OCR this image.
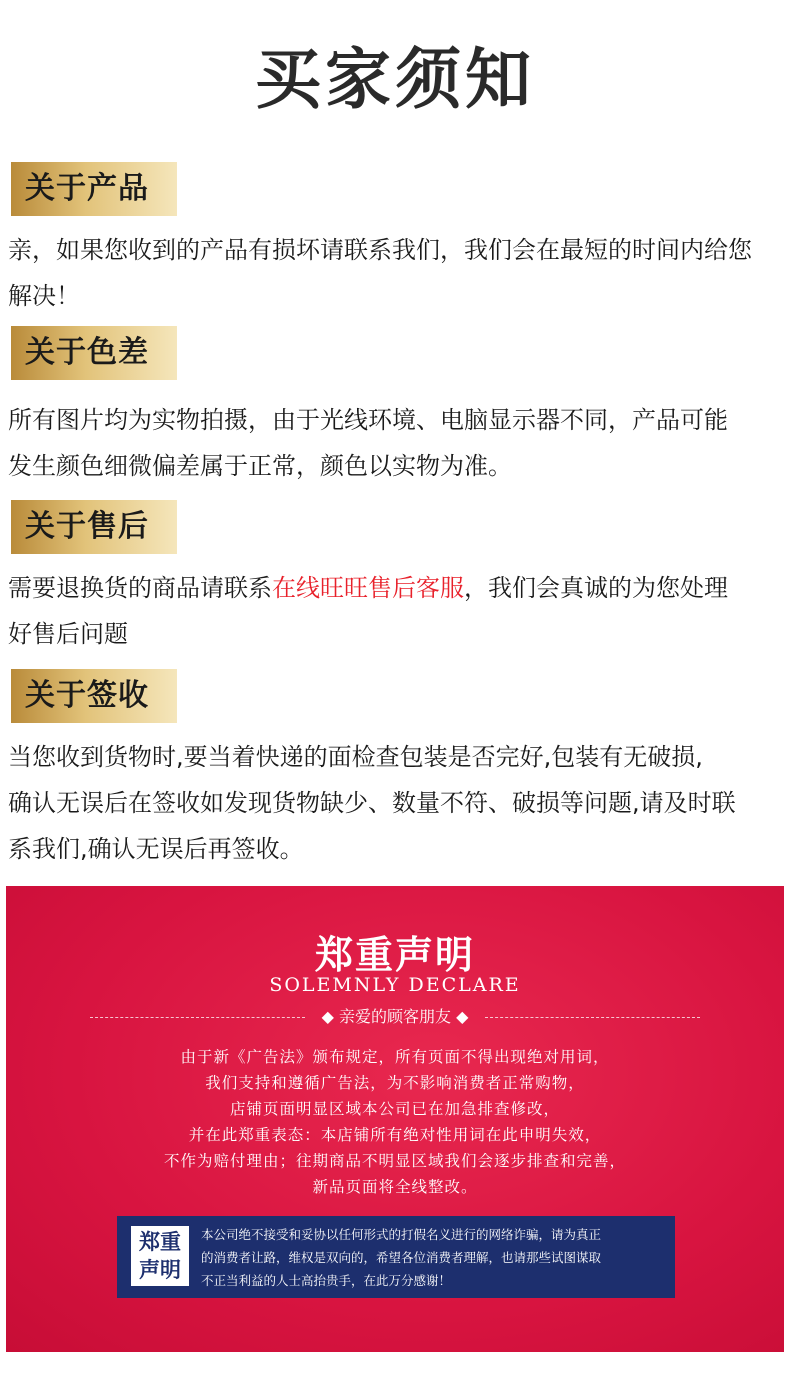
买家须知
关于产品
亲，如果您收到的产品有损坏请联系我们，我们会在最短的时间内给您
解决！
关于色差
所有图片均为实物拍摄，由于光线环境、电脑显示器不同，产品可能
发生颜色细微偏差属于正常，颜色以实物为准。
关于售后
需要退换货的商品请联系在线旺旺售后客服，我们会真诚的为您处理
好售后问题
关于签收
当您收到货物时,要当着快递的面检查包装是否完好,包装有无破损,
确认无误后在签收如发现货物缺少、数量不符、破损等问题,请及时联
系我们,确认无误后再签收。
郑重声明
SOLEMNLY DECLARE
◆ 亲爱的顾客朋友 ◆
由于新《广告法》颁布规定，所有页面不得出现绝对用词，
我们支持和遵循广告法，为不影响消费者正常购物，
店铺页面明显区域本公司已在加急排查修改，
并在此郑重表态：本店铺所有绝对性用词在此申明失效，
不作为赔付理由；往期商品不明显区域我们会逐步排查和完善，
新品页面将全线整改。
郑重
声明
本公司绝不接受和妥协以任何形式的打假名义进行的网络诈骗，请为真正
的消费者让路，维权是双向的，希望各位消费者理解，也请那些试图谋取
不正当利益的人士高抬贵手，在此万分感谢！
